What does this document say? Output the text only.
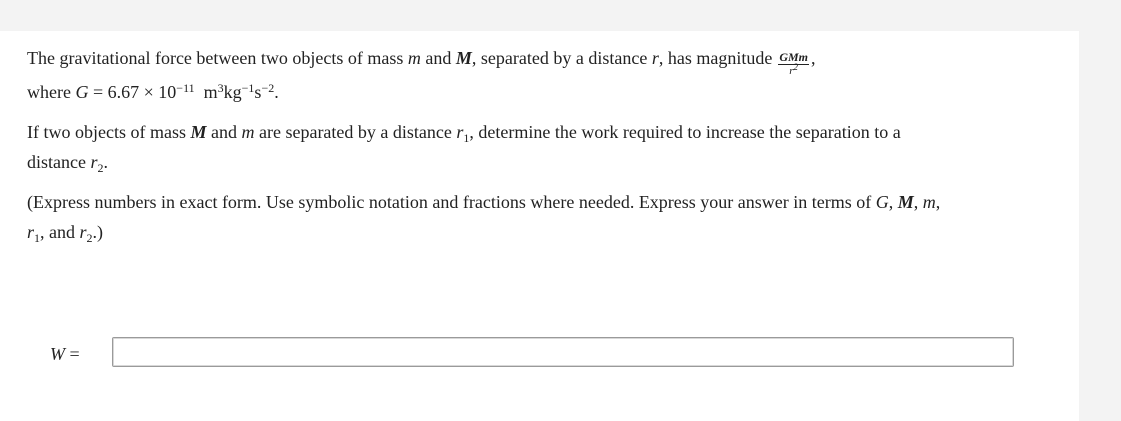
The gravitational force between two objects of mass m and M, separated by a distance r, has magnitude $\frac{\text{GMm}}{r^2}$ ,
where $G = 6.67 \times 10^{-11}$ $m^3kg^{-1}s^{-2}$.

If two objects of mass M and m are separated by a distance $r_1$, determine the work required to increase the separation to a
distance $r_2$.

(Express numbers in exact form. Use symbolic notation and fractions where needed. Express your answer in terms of G, M, m,
$r_1$, and $r_2$.)

W =
